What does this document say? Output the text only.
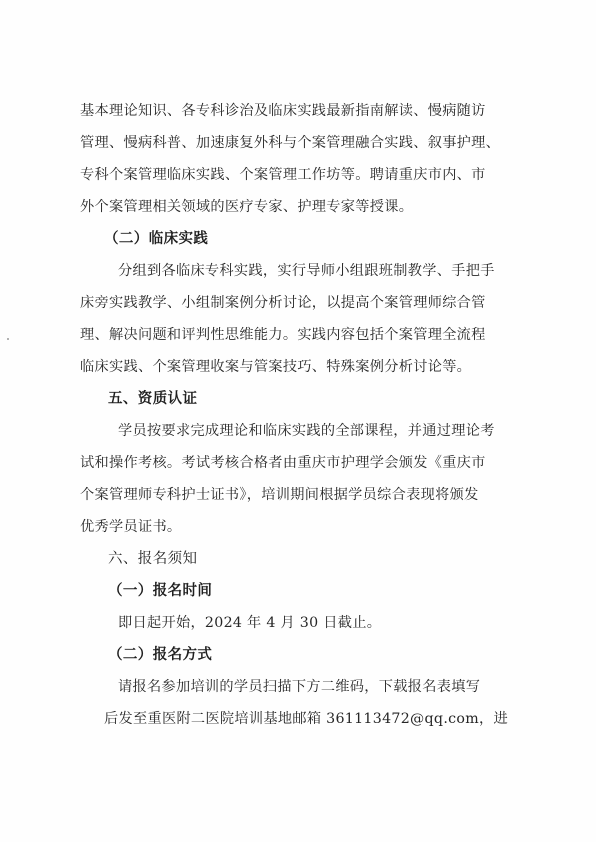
基本理论知识、各专科诊治及临床实践最新指南解读、慢病随访
管理、慢病科普、加速康复外科与个案管理融合实践、叙事护理、
专科个案管理临床实践、个案管理工作坊等。聘请重庆市内、市
外个案管理相关领域的医疗专家、护理专家等授课。
（二）临床实践
分组到各临床专科实践，实行导师小组跟班制教学、手把手
床旁实践教学、小组制案例分析讨论，以提高个案管理师综合管
理、解决问题和评判性思维能力。实践内容包括个案管理全流程
临床实践、个案管理收案与管案技巧、特殊案例分析讨论等。
五、资质认证
学员按要求完成理论和临床实践的全部课程，并通过理论考
试和操作考核。考试考核合格者由重庆市护理学会颁发《重庆市
个案管理师专科护士证书》，培训期间根据学员综合表现将颁发
优秀学员证书。
六、报名须知
（一）报名时间
即日起开始，2024 年 4 月 30 日截止。
（二）报名方式
请报名参加培训的学员扫描下方二维码，下载报名表填写
后发至重医附二医院培训基地邮箱 361113472@qq.com，进
